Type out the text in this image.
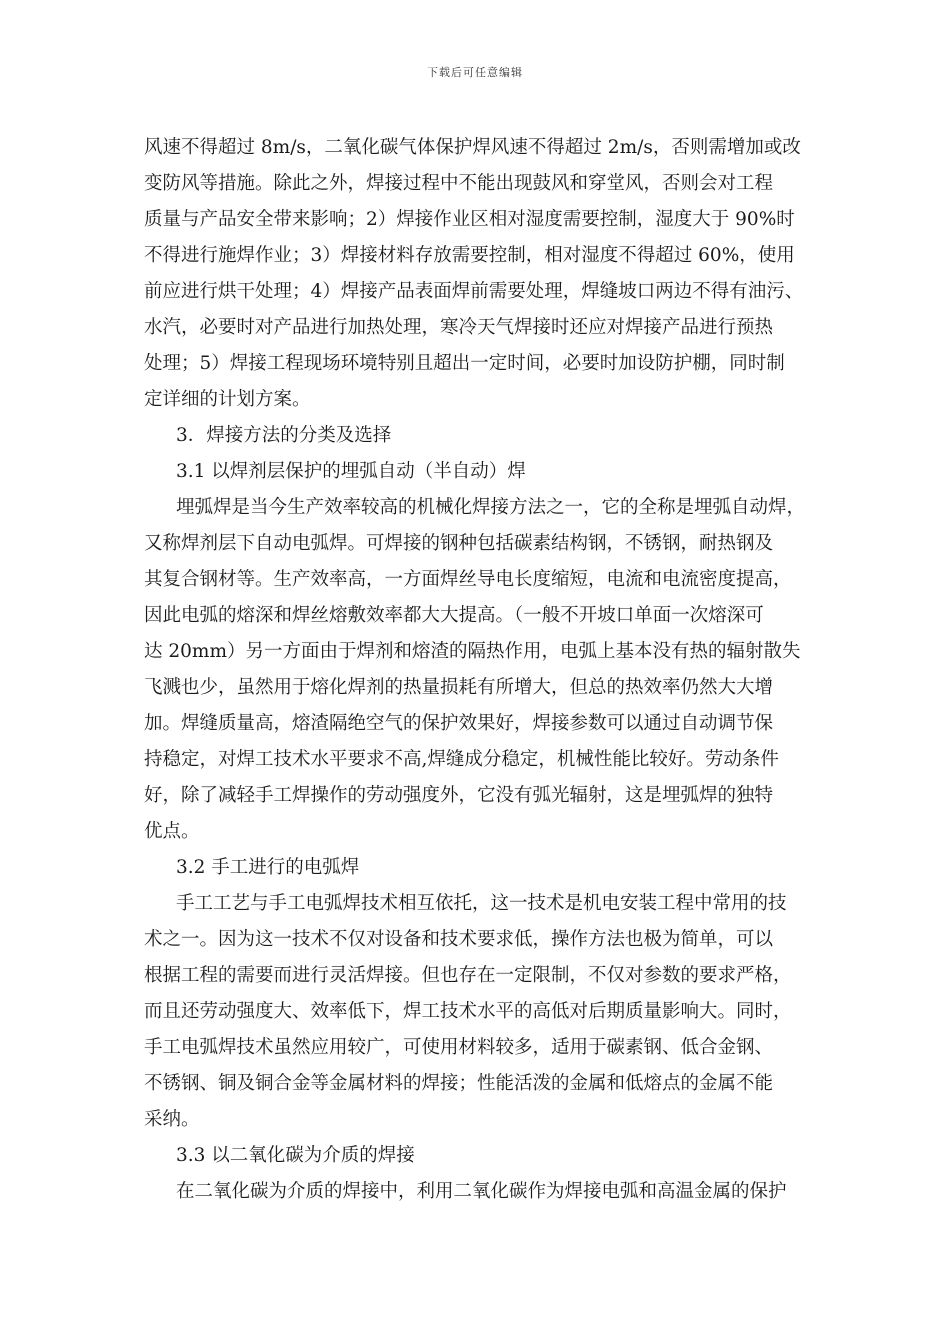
下载后可任意编辑
风速不得超过 8m/s，二氧化碳气体保护焊风速不得超过 2m/s，否则需增加或改
变防风等措施。除此之外，焊接过程中不能出现鼓风和穿堂风，否则会对工程
质量与产品安全带来影响；2）焊接作业区相对湿度需要控制，湿度大于 90%时
不得进行施焊作业；3）焊接材料存放需要控制，相对湿度不得超过 60%，使用
前应进行烘干处理；4）焊接产品表面焊前需要处理，焊缝坡口两边不得有油污、
水汽，必要时对产品进行加热处理，寒冷天气焊接时还应对焊接产品进行预热
处理；5）焊接工程现场环境特别且超出一定时间，必要时加设防护棚，同时制
定详细的计划方案。
3．焊接方法的分类及选择
3.1 以焊剂层保护的埋弧自动（半自动）焊
埋弧焊是当今生产效率较高的机械化焊接方法之一，它的全称是埋弧自动焊，
又称焊剂层下自动电弧焊。可焊接的钢种包括碳素结构钢，不锈钢，耐热钢及
其复合钢材等。生产效率高，一方面焊丝导电长度缩短，电流和电流密度提高，
因此电弧的熔深和焊丝熔敷效率都大大提高。（一般不开坡口单面一次熔深可
达 20mm）另一方面由于焊剂和熔渣的隔热作用，电弧上基本没有热的辐射散失
飞溅也少，虽然用于熔化焊剂的热量损耗有所增大，但总的热效率仍然大大增
加。焊缝质量高，熔渣隔绝空气的保护效果好，焊接参数可以通过自动调节保
持稳定，对焊工技术水平要求不高,焊缝成分稳定，机械性能比较好。劳动条件
好，除了减轻手工焊操作的劳动强度外，它没有弧光辐射，这是埋弧焊的独特
优点。
3.2 手工进行的电弧焊
手工工艺与手工电弧焊技术相互依托，这一技术是机电安装工程中常用的技
术之一。因为这一技术不仅对设备和技术要求低，操作方法也极为简单，可以
根据工程的需要而进行灵活焊接。但也存在一定限制，不仅对参数的要求严格，
而且还劳动强度大、效率低下，焊工技术水平的高低对后期质量影响大。同时，
手工电弧焊技术虽然应用较广，可使用材料较多，适用于碳素钢、低合金钢、
不锈钢、铜及铜合金等金属材料的焊接；性能活泼的金属和低熔点的金属不能
采纳。
3.3 以二氧化碳为介质的焊接
在二氧化碳为介质的焊接中，利用二氧化碳作为焊接电弧和高温金属的保护
